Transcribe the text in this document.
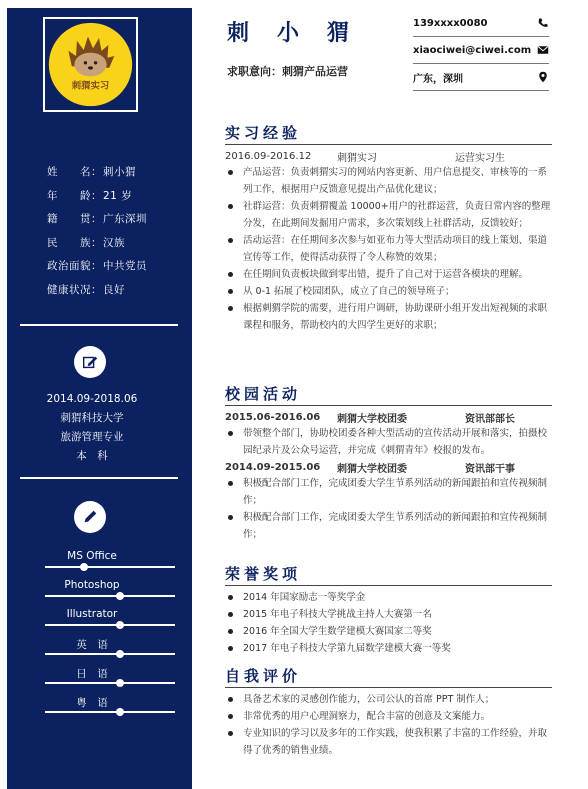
刺猬实习
姓　　名： 刺小猬
年　　龄： 21 岁
籍　　贯： 广东深圳
民　　族： 汉族
政治面貌： 中共党员
健康状况： 良好
2014.09-2018.06
刺猬科技大学
旅游管理专业
本　科
MS Office
Photoshop
Illustrator
英　语
日　语
粤　语
刺小猬
求职意向：刺猬产品运营
139xxxx0080
xiaociwei@ciwei.com
广东，深圳
实习经验
2016.09-2016.12	刺猬实习	运营实习生
产品运营：负责刺猬实习的网站内容更新、用户信息提交、审核等的一系列工作，根据用户反馈意见提出产品优化建议；
社群运营：负责刺猬覆盖 10000+用户的社群运营，负责日常内容的整理分发，在此期间发掘用户需求，多次策划线上社群活动，反馈较好；
活动运营：在任期间多次参与如亚布力等大型活动项目的线上策划、渠道宣传等工作，使得活动获得了令人称赞的效果；
在任期间负责板块做到零出错，提升了自己对于运营各模块的理解。
从 0-1 拓展了校园团队，成立了自己的领导班子；
根据刺猬学院的需要，进行用户调研，协助课研小组开发出短视频的求职课程和服务，帮助校内的大四学生更好的求职；
校园活动
2015.06-2016.06	刺猬大学校团委	资讯部部长
带领整个部门，协助校团委各种大型活动的宣传活动开展和落实，拍摄校园纪录片及公众号运营，并完成《刺猬青年》校报的发布。
2014.09-2015.06	刺猬大学校团委	资讯部干事
积极配合部门工作，完成团委大学生节系列活动的新闻跟拍和宣传视频制作；
积极配合部门工作，完成团委大学生节系列活动的新闻跟拍和宣传视频制作；
荣誉奖项
2014 年国家励志一等奖学金
2015 年电子科技大学挑战主持人大赛第一名
2016 年全国大学生数学建模大赛国家二等奖
2017 年电子科技大学第九届数学建模大赛一等奖
自我评价
具备艺术家的灵感创作能力，公司公认的首席 PPT 制作人；
非常优秀的用户心理洞察力，配合丰富的创意及文案能力。
专业知识的学习以及多年的工作实践，使我积累了丰富的工作经验，并取得了优秀的销售业绩。
